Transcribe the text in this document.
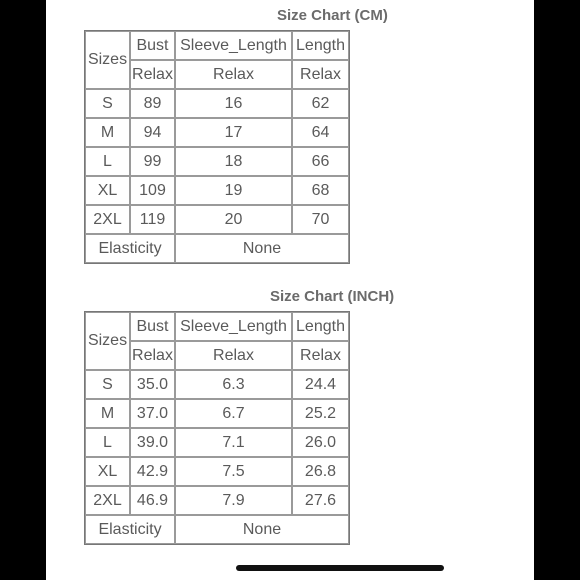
Size Chart (CM)
Sizes	Bust	Sleeve_Length	Length
	Relax	Relax	Relax
S	89	16	62
M	94	17	64
L	99	18	66
XL	109	19	68
2XL	119	20	70
Elasticity		None	
Size Chart (INCH)
Sizes	Bust	Sleeve_Length	Length
	Relax	Relax	Relax
S	35.0	6.3	24.4
M	37.0	6.7	25.2
L	39.0	7.1	26.0
XL	42.9	7.5	26.8
2XL	46.9	7.9	27.6
Elasticity		None	
